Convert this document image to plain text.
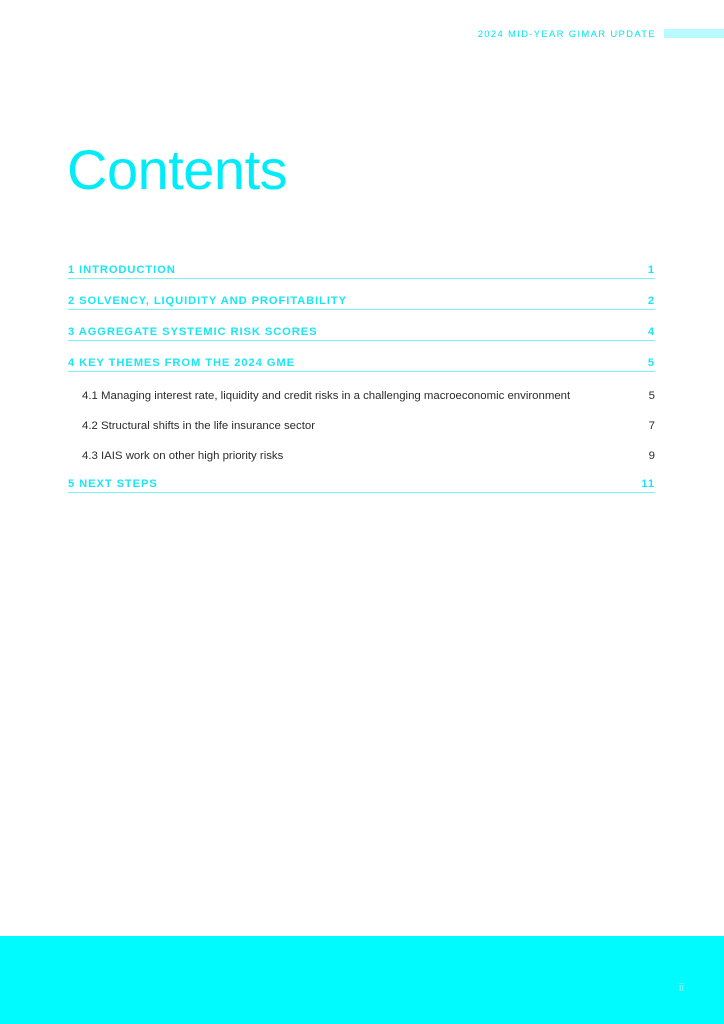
2024 MID-YEAR GIMAR UPDATE
Contents
1 INTRODUCTION	1
2 SOLVENCY, LIQUIDITY AND PROFITABILITY	2
3 AGGREGATE SYSTEMIC RISK SCORES	4
4 KEY THEMES FROM THE 2024 GME	5
4.1 Managing interest rate, liquidity and credit risks in a challenging macroeconomic environment	5
4.2 Structural shifts in the life insurance sector	7
4.3 IAIS work on other high priority risks	9
5 NEXT STEPS	11
ii
